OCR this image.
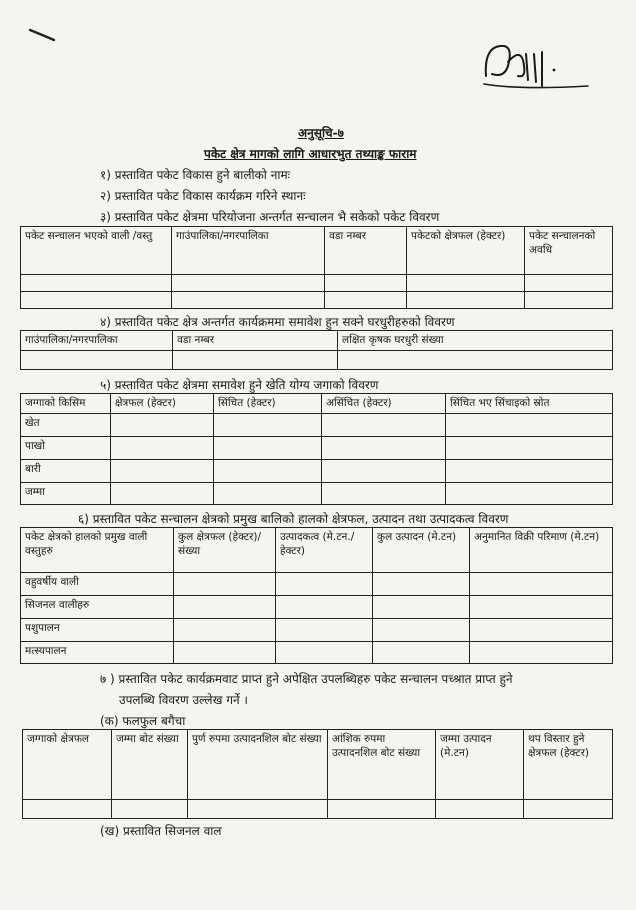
अनुसूचि-७
पकेट क्षेत्र मागको लागि आधारभुत तथ्याङ्क फाराम
१) प्रस्तावित पकेट विकास हुने बालीको नामः
२) प्रस्तावित पकेट विकास कार्यक्रम गरिने स्थानः
३) प्रस्तावित पकेट क्षेत्रमा परियोजना अन्तर्गत सन्चालन भै सकेको पकेट विवरण
पकेट सन्चालन भएको वाली /वस्तु	गाउंपालिका/नगरपालिका	वडा नम्बर	पकेटको क्षेत्रफल (हेक्टर)	पकेट सन्चालनको अवधि

४) प्रस्तावित पकेट क्षेत्र अन्तर्गत कार्यक्रममा समावेश हुन सक्ने घरधुरीहरुको विवरण
गाउंपालिका/नगरपालिका	वडा नम्बर	लक्षित कृषक घरधुरी संख्या

५) प्रस्तावित पकेट क्षेत्रमा समावेश हुने खेति योग्य जगाको विवरण
जग्गाको किसिम	क्षेत्रफल (हेक्टर)	सिंचित (हेक्टर)	असिंचित (हेक्टर)	सिंचित भए सिंचाइको स्रोत
खेत				
पाखो				
बारी				
जम्मा				
६) प्रस्तावित पकेट सन्चालन क्षेत्रको प्रमुख बालिको हालको क्षेत्रफल, उत्पादन तथा उत्पादकत्व विवरण
पकेट क्षेत्रको हालको प्रमुख वाली वस्तुहरु	कुल क्षेत्रफल (हेक्टर)/संख्या	उत्पादकत्व (मे.टन./हेक्टर)	कुल उत्पादन (मे.टन)	अनुमानित विक्री परिमाण (मे.टन)
वहुवर्षीय वाली				
सिजनल वालीहरु				
पशुपालन				
मत्स्यपालन				
७ ) प्रस्तावित पकेट कार्यक्रमवाट प्राप्त हुने अपेक्षित उपलब्धिहरु पकेट सन्चालन पच्श्रात प्राप्त हुने
उपलब्धि विवरण उल्लेख गर्ने ।
(क) फलफुल बगैचा
जग्गाको क्षेत्रफल	जम्मा बोट संख्या	पुर्ण रुपमा उत्पादनशिल बोट संख्या	आंशिक रुपमा उत्पादनशिल बोट संख्या	जम्मा उत्पादन (मे.टन)	थप विस्तार हुने क्षेत्रफल (हेक्टर)

(ख) प्रस्तावित सिजनल वाल
